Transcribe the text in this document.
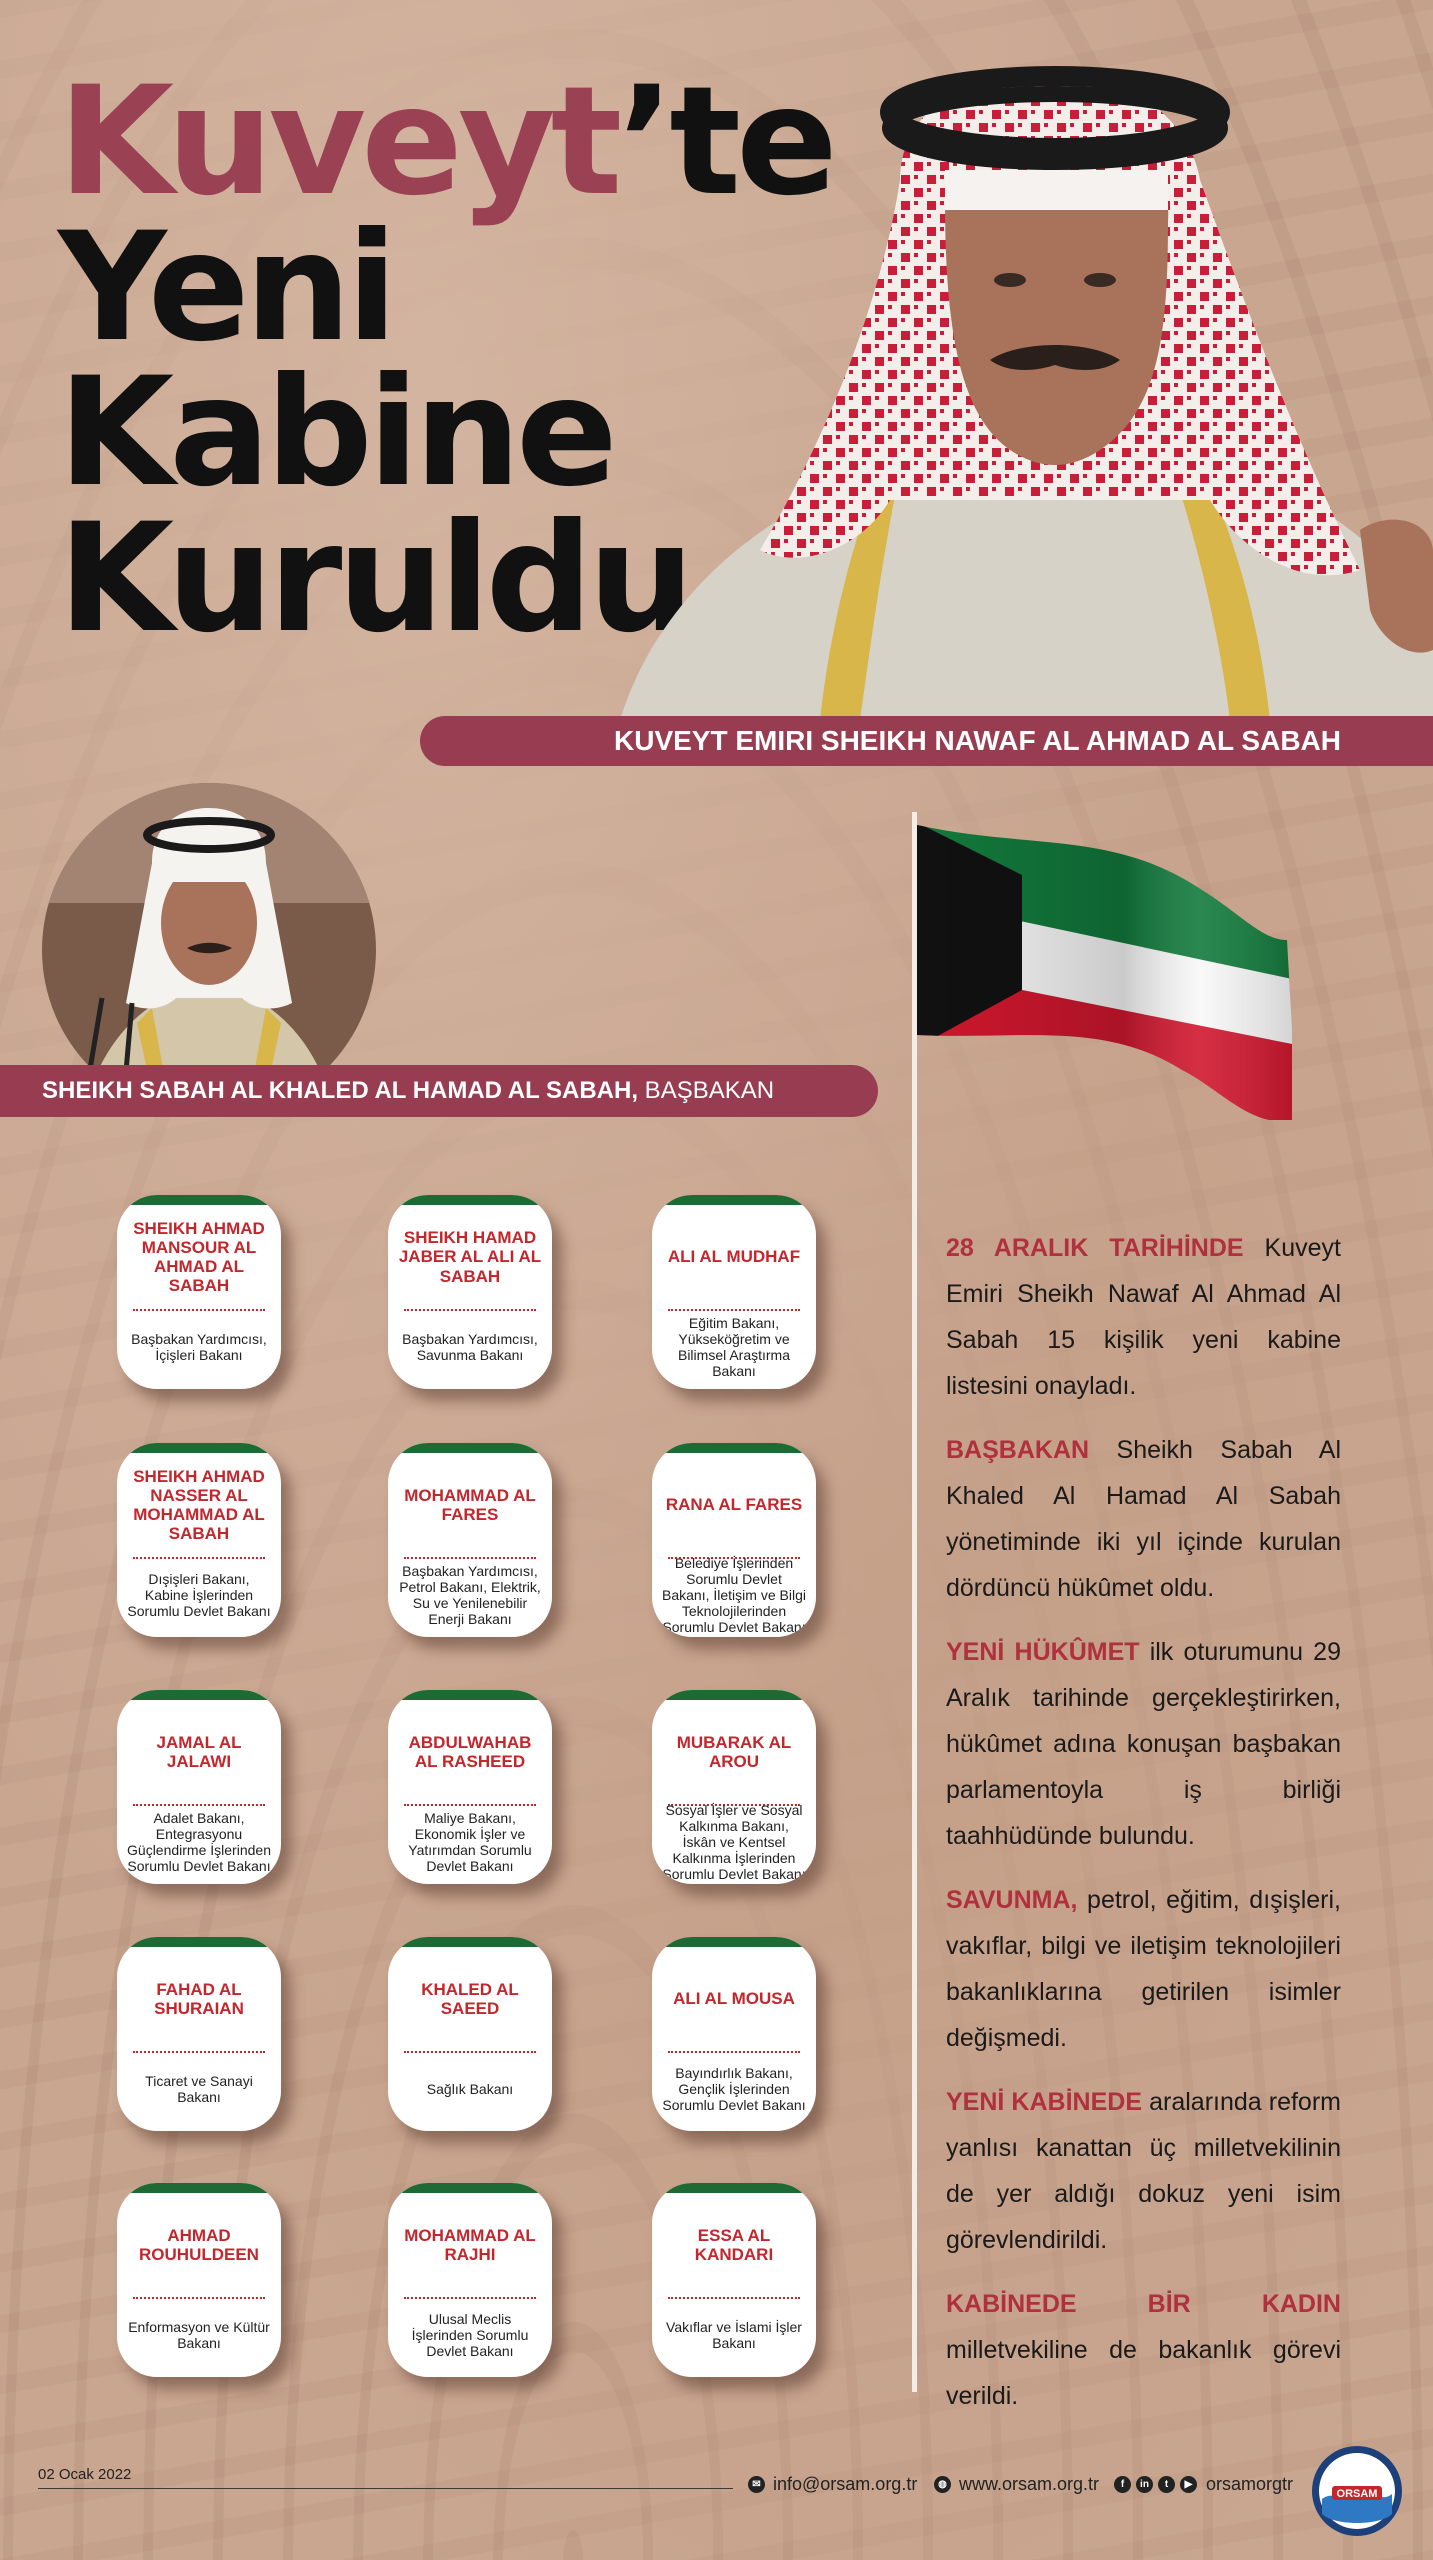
Kuveyt’te
Yeni
Kabine
Kuruldu
KUVEYT EMIRI SHEIKH NAWAF AL AHMAD AL SABAH
SHEIKH SABAH AL KHALED AL HAMAD AL SABAH, BAŞBAKAN
SHEIKH AHMAD MANSOUR AL AHMAD AL SABAH
Başbakan Yardımcısı, İçişleri Bakanı
SHEIKH HAMAD JABER AL ALI AL SABAH
Başbakan Yardımcısı, Savunma Bakanı
ALI AL MUDHAF
Eğitim Bakanı, Yükseköğretim ve Bilimsel Araştırma Bakanı
SHEIKH AHMAD NASSER AL MOHAMMAD AL SABAH
Dışişleri Bakanı, Kabine İşlerinden Sorumlu Devlet Bakanı
MOHAMMAD AL FARES
Başbakan Yardımcısı, Petrol Bakanı, Elektrik, Su ve Yenilenebilir Enerji Bakanı
RANA AL FARES
Belediye İşlerinden Sorumlu Devlet Bakanı, İletişim ve Bilgi Teknolojilerinden Sorumlu Devlet Bakanı
JAMAL AL JALAWI
Adalet Bakanı, Entegrasyonu Güçlendirme İşlerinden Sorumlu Devlet Bakanı
ABDULWAHAB AL RASHEED
Maliye Bakanı, Ekonomik İşler ve Yatırımdan Sorumlu Devlet Bakanı
MUBARAK AL AROU
Sosyal İşler ve Sosyal Kalkınma Bakanı, İskân ve Kentsel Kalkınma İşlerinden Sorumlu Devlet Bakanı
FAHAD AL SHURAIAN
Ticaret ve Sanayi Bakanı
KHALED AL SAEED
Sağlık Bakanı
ALI AL MOUSA
Bayındırlık Bakanı, Gençlik İşlerinden Sorumlu Devlet Bakanı
AHMAD ROUHULDEEN
Enformasyon ve Kültür Bakanı
MOHAMMAD AL RAJHI
Ulusal Meclis İşlerinden Sorumlu Devlet Bakanı
ESSA AL KANDARI
Vakıflar ve İslami İşler Bakanı

28 ARALIK TARİHİNDE Kuveyt Emiri Sheikh Nawaf Al Ahmad Al Sabah 15 kişilik yeni kabine listesini onayladı.

BAŞBAKAN Sheikh Sabah Al Khaled Al Hamad Al Sabah yönetiminde iki yıl içinde kurulan dördüncü hükûmet oldu.

YENİ HÜKÛMET ilk oturumunu 29 Aralık tarihinde gerçekleştirirken, hükûmet adına konuşan başbakan parlamentoyla iş birliği taahhüdünde bulundu.

SAVUNMA, petrol, eğitim, dışişleri, vakıflar, bilgi ve iletişim teknolojileri bakanlıklarına getirilen isimler değişmedi.

YENİ KABİNEDE aralarında reform yanlısı kanattan üç milletvekilinin de yer aldığı dokuz yeni isim görevlendirildi.

KABİNEDE BİR KADIN milletvekiline de bakanlık görevi verildi.

02 Ocak 2022
✉ info@orsam.org.tr	◍ www.orsam.org.tr	f	in	t	▶ orsamorgtr	ORSAM
